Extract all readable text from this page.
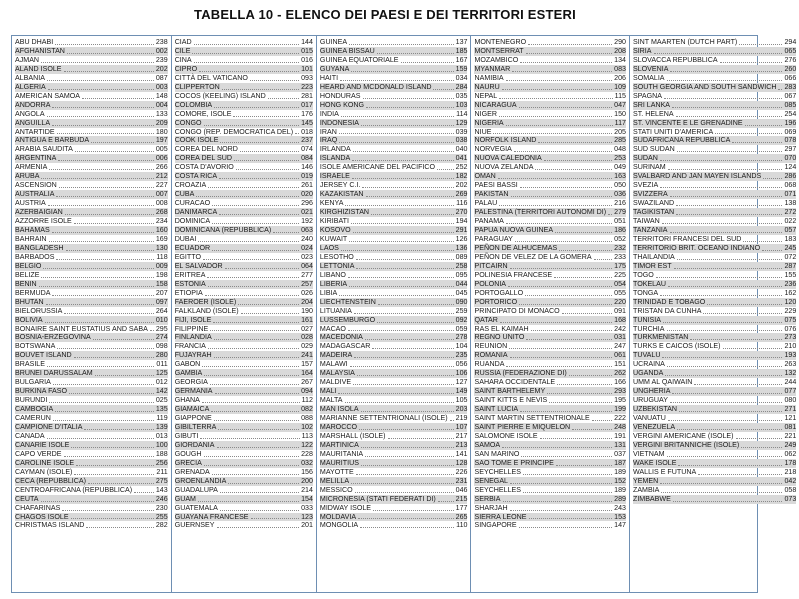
TABELLA 10 - ELENCO DEI PAESI E DEI TERRITORI ESTERI
ABU DHABI	238
AFGHANISTAN	002
AJMAN	239
ALAND ISOLE	202
ALBANIA	087
ALGERIA	003
AMERICAN SAMOA	148
ANDORRA	004
ANGOLA	133
ANGUILLA	209
ANTARTIDE	180
ANTIGUA E BARBUDA	197
ARABIA SAUDITA	005
ARGENTINA	006
ARMENIA	266
ARUBA	212
ASCENSION	227
AUSTRALIA	007
AUSTRIA	008
AZERBAIGIAN	268
AZZORRE ISOLE	234
BAHAMAS	160
BAHRAIN	169
BANGLADESH	130
BARBADOS	118
BELGIO	009
BELIZE	198
BENIN	158
BERMUDA	207
BHUTAN	097
BIELORUSSIA	264
BOLIVIA	010
BONAIRE SAINT EUSTATIUS AND SABA 295
BOSNIA-ERZEGOVINA	274
BOTSWANA	098
BOUVET ISLAND	280
BRASILE	011
BRUNEI DARUSSALAM	125
BULGARIA	012
BURKINA FASO	142
BURUNDI	025
CAMBOGIA	135
CAMERUN	119
CAMPIONE D'ITALIA	139
CANADA	013
CANARIE ISOLE	100
CAPO VERDE	188
CAROLINE ISOLE	256
CAYMAN (ISOLE)	211
CECA (REPUBBLICA)	275
CENTROAFRICANA (REPUBBLICA)	143
CEUTA	246
CHAFARINAS	230
CHAGOS ISOLE	255
CHRISTMAS ISLAND	282
CIAD	144
CILE	015
CINA	016
CIPRO	101
CITTÀ DEL VATICANO	093
CLIPPERTON	223
COCOS (KEELING) ISLAND	281
COLOMBIA	017
COMORE, ISOLE	176
CONGO	145
CONGO (REP. DEMOCRATICA DEL) 018
COOK ISOLE	237
COREA DEL NORD	074
COREA DEL SUD	084
COSTA D'AVORIO	146
COSTA RICA	019
CROAZIA	261
CUBA	020
CURACAO	296
DANIMARCA	021
DOMINICA	192
DOMINICANA (REPUBBLICA)	063
DUBAI	240
ECUADOR	024
EGITTO	023
EL SALVADOR	064
ERITREA	277
ESTONIA	257
ETIOPIA	026
FAEROER (ISOLE)	204
FALKLAND (ISOLE)	190
FIJI, ISOLE	161
FILIPPINE	027
FINLANDIA	028
FRANCIA	029
FUJAYRAH	241
GABON	157
GAMBIA	164
GEORGIA	267
GERMANIA	094
GHANA	112
GIAMAICA	082
GIAPPONE	088
GIBILTERRA	102
GIBUTI	113
GIORDANIA	122
GOUGH	228
GRECIA	032
GRENADA	156
GROENLANDIA	200
GUADALUPA	214
GUAM	154
GUATEMALA	033
GUAYANA FRANCESE	123
GUERNSEY	201
GUINEA	137
GUINEA BISSAU	185
GUINEA EQUATORIALE	167
GUYANA	159
HAITI	034
HEARD AND MCDONALD ISLAND	284
HONDURAS	035
HONG KONG	103
INDIA	114
INDONESIA	129
IRAN	039
IRAQ	038
IRLANDA	040
ISLANDA	041
ISOLE AMERICANE DEL PACIFICO	252
ISRAELE	182
JERSEY C.I.	202
KAZAKISTAN	269
KENYA	116
KIRGHIZISTAN	270
KIRIBATI	194
KOSOVO	291
KUWAIT	126
LAOS	136
LESOTHO	089
LETTONIA	258
LIBANO	095
LIBERIA	044
LIBIA	045
LIECHTENSTEIN	090
LITUANIA	259
LUSSEMBURGO	092
MACAO	059
MACEDONIA	278
MADAGASCAR	104
MADEIRA	235
MALAWI	056
MALAYSIA	106
MALDIVE	127
MALI	149
MALTA	105
MAN ISOLA	203
MARIANNE SETTENTRIONALI (ISOLE) 219
MAROCCO	107
MARSHALL (ISOLE)	217
MARTINICA	213
MAURITANIA	141
MAURITIUS	128
MAYOTTE	226
MELILLA	231
MESSICO	046
MICRONESIA (STATI FEDERATI DI)	215
MIDWAY ISOLE	177
MOLDAVIA	265
MONGOLIA	110
MONTENEGRO	290
MONTSERRAT	208
MOZAMBICO	134
MYANMAR	083
NAMIBIA	206
NAURU	109
NEPAL	115
NICARAGUA	047
NIGER	150
NIGERIA	117
NIUE	205
NORFOLK ISLAND	285
NORVEGIA	048
NUOVA CALEDONIA	253
NUOVA ZELANDA	049
OMAN	163
PAESI BASSI	050
PAKISTAN	036
PALAU	216
PALESTINA (TERRITORI AUTONOMI DI) 279
PANAMA	051
PAPUA NUOVA GUINEA	186
PARAGUAY	052
PEÑON DE ALHUCEMAS	232
PEÑON DE VELEZ DE LA GOMERA	233
PITCAIRN	175
POLINESIA FRANCESE	225
POLONIA	054
PORTOGALLO	055
PORTORICO	220
PRINCIPATO DI MONACO	091
QATAR	168
RAS EL KAIMAH	242
REGNO UNITO	031
REUNION	247
ROMANIA	061
RUANDA	151
RUSSIA (FEDERAZIONE DI)	262
SAHARA OCCIDENTALE	166
SAINT BARTHELEMY	293
SAINT KITTS E NEVIS	195
SAINT LUCIA	199
SAINT MARTIN SETTENTRIONALE	222
SAINT PIERRE E MIQUELON	248
SALOMONE ISOLE	191
SAMOA	131
SAN MARINO	037
SAO TOME E PRINCIPE	187
SEYCHELLES	189
SENEGAL	152
SEYCHELLES	189
SERBIA	289
SHARJAH	243
SIERRA LEONE	153
SINGAPORE	147
SINT MAARTEN (DUTCH PART)	294
SIRIA	065
SLOVACCA REPUBBLICA	276
SLOVENIA	260
SOMALIA	066
SOUTH GEORGIA AND SOUTH SANDWICH 283
SPAGNA	067
SRI LANKA	085
ST. HELENA	254
ST. VINCENTE E LE GRENADINE	196
STATI UNITI D'AMERICA	069
SUDAFRICANA REPUBBLICA	078
SUD SUDAN	297
SUDAN	070
SURINAM	124
SVALBARD AND JAN MAYEN ISLANDS	286
SVEZIA	068
SVIZZERA	071
SWAZILAND	138
TAGIKISTAN	272
TAIWAN	022
TANZANIA	057
TERRITORI FRANCESI DEL SUD	183
TERRITORIO BRIT. OCEANO INDIANO	245
THAILANDIA	072
TIMOR EST	287
TOGO	155
TOKELAU	236
TONGA	162
TRINIDAD E TOBAGO	120
TRISTAN DA CUNHA	229
TUNISIA	075
TURCHIA	076
TURKMENISTAN	273
TURKS E CAICOS (ISOLE)	210
TUVALU	193
UCRAINA	263
UGANDA	132
UMM AL QAIWAIN	244
UNGHERIA	077
URUGUAY	080
UZBEKISTAN	271
VANUATU	121
VENEZUELA	081
VERGINI AMERICANE (ISOLE)	221
VERGINI BRITANNICHE (ISOLE)	249
VIETNAM	062
WAKE ISOLE	178
WALLIS E FUTUNA	218
YEMEN	042
ZAMBIA	058
ZIMBABWE	073
